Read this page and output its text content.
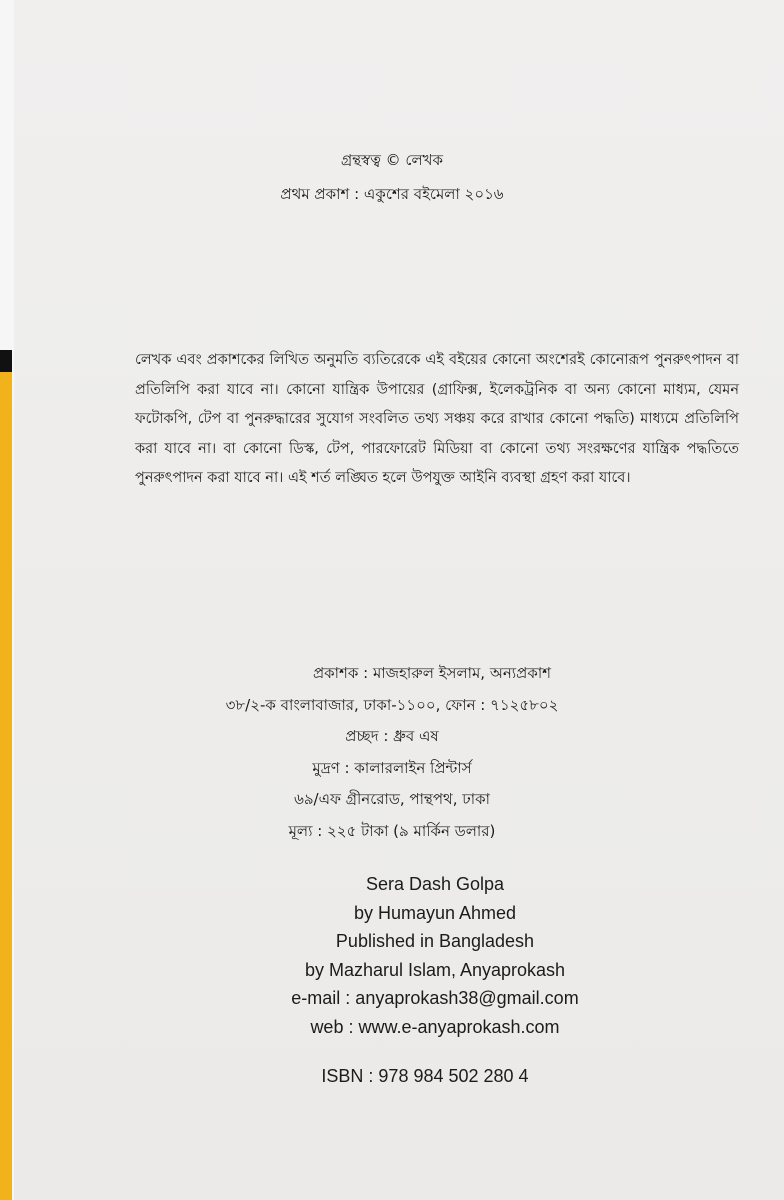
গ্রন্থস্বত্ব © লেখক
প্রথম প্রকাশ : একুশের বইমেলা ২০১৬
লেখক এবং প্রকাশকের লিখিত অনুমতি ব্যতিরেকে এই বইয়ের কোনো অংশেরই কোনোরূপ পুনরুৎপাদন বা প্রতিলিপি করা যাবে না। কোনো যান্ত্রিক উপায়ের (গ্রাফিক্স, ইলেকট্রনিক বা অন্য কোনো মাধ্যম, যেমন ফটোকপি, টেপ বা পুনরুদ্ধারের সুযোগ সংবলিত তথ্য সঞ্চয় করে রাখার কোনো পদ্ধতি) মাধ্যমে প্রতিলিপি করা যাবে না। বা কোনো ডিস্ক, টেপ, পারফোরেট মিডিয়া বা কোনো তথ্য সংরক্ষণের যান্ত্রিক পদ্ধতিতে পুনরুৎপাদন করা যাবে না। এই শর্ত লঙ্ঘিত হলে উপযুক্ত আইনি ব্যবস্থা গ্রহণ করা যাবে।
প্রকাশক : মাজহারুল ইসলাম, অন্যপ্রকাশ
৩৮/২-ক বাংলাবাজার, ঢাকা-১১০০, ফোন : ৭১২৫৮০২
প্রচ্ছদ : ধ্রুব এষ
মুদ্রণ : কালারলাইন প্রিন্টার্স
৬৯/এফ গ্রীনরোড, পান্থপথ, ঢাকা
মূল্য : ২২৫ টাকা (৯ মার্কিন ডলার)
Sera Dash Golpa
by Humayun Ahmed
Published in Bangladesh
by Mazharul Islam, Anyaprokash
e-mail : anyaprokash38@gmail.com
web : www.e-anyaprokash.com
ISBN : 978 984 502 280 4
